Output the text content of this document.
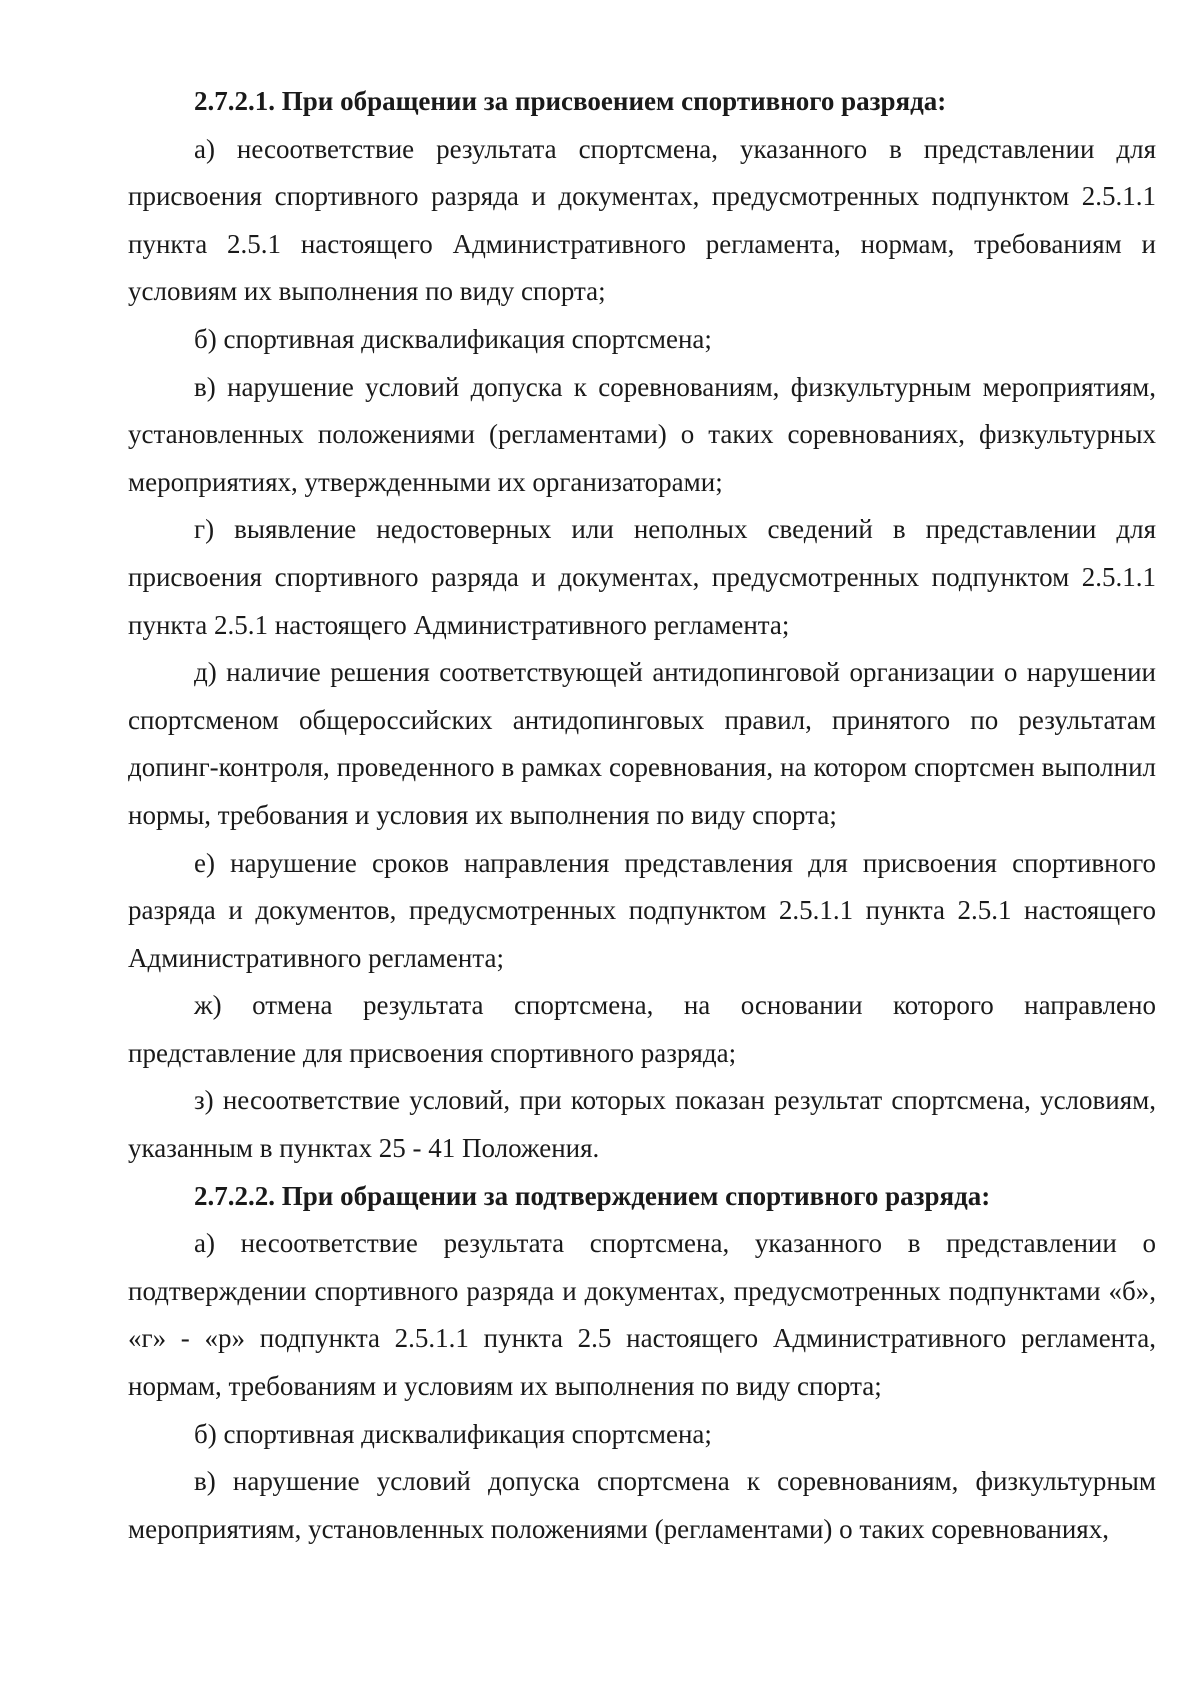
2.7.2.1. При обращении за присвоением спортивного разряда:

а) несоответствие результата спортсмена, указанного в представлении для присвоения спортивного разряда и документах, предусмотренных подпунктом 2.5.1.1 пункта 2.5.1 настоящего Административного регламента, нормам, требованиям и условиям их выполнения по виду спорта;

б) спортивная дисквалификация спортсмена;

в) нарушение условий допуска к соревнованиям, физкультурным мероприятиям, установленных положениями (регламентами) о таких соревнованиях, физкультурных мероприятиях, утвержденными их организаторами;

г) выявление недостоверных или неполных сведений в представлении для присвоения спортивного разряда и документах, предусмотренных подпунктом 2.5.1.1 пункта 2.5.1 настоящего Административного регламента;

д) наличие решения соответствующей антидопинговой организации о нарушении спортсменом общероссийских антидопинговых правил, принятого по результатам допинг-контроля, проведенного в рамках соревнования, на котором спортсмен выполнил нормы, требования и условия их выполнения по виду спорта;

е) нарушение сроков направления представления для присвоения спортивного разряда и документов, предусмотренных подпунктом 2.5.1.1 пункта 2.5.1 настоящего Административного регламента;

ж) отмена результата спортсмена, на основании которого направлено представление для присвоения спортивного разряда;

з) несоответствие условий, при которых показан результат спортсмена, условиям, указанным в пунктах 25 - 41 Положения.

2.7.2.2. При обращении за подтверждением спортивного разряда:

а) несоответствие результата спортсмена, указанного в представлении о подтверждении спортивного разряда и документах, предусмотренных подпунктами «б», «г» - «р» подпункта 2.5.1.1 пункта 2.5 настоящего Административного регламента, нормам, требованиям и условиям их выполнения по виду спорта;

б) спортивная дисквалификация спортсмена;

в) нарушение условий допуска спортсмена к соревнованиям, физкультурным мероприятиям, установленных положениями (регламентами) о таких соревнованиях,
